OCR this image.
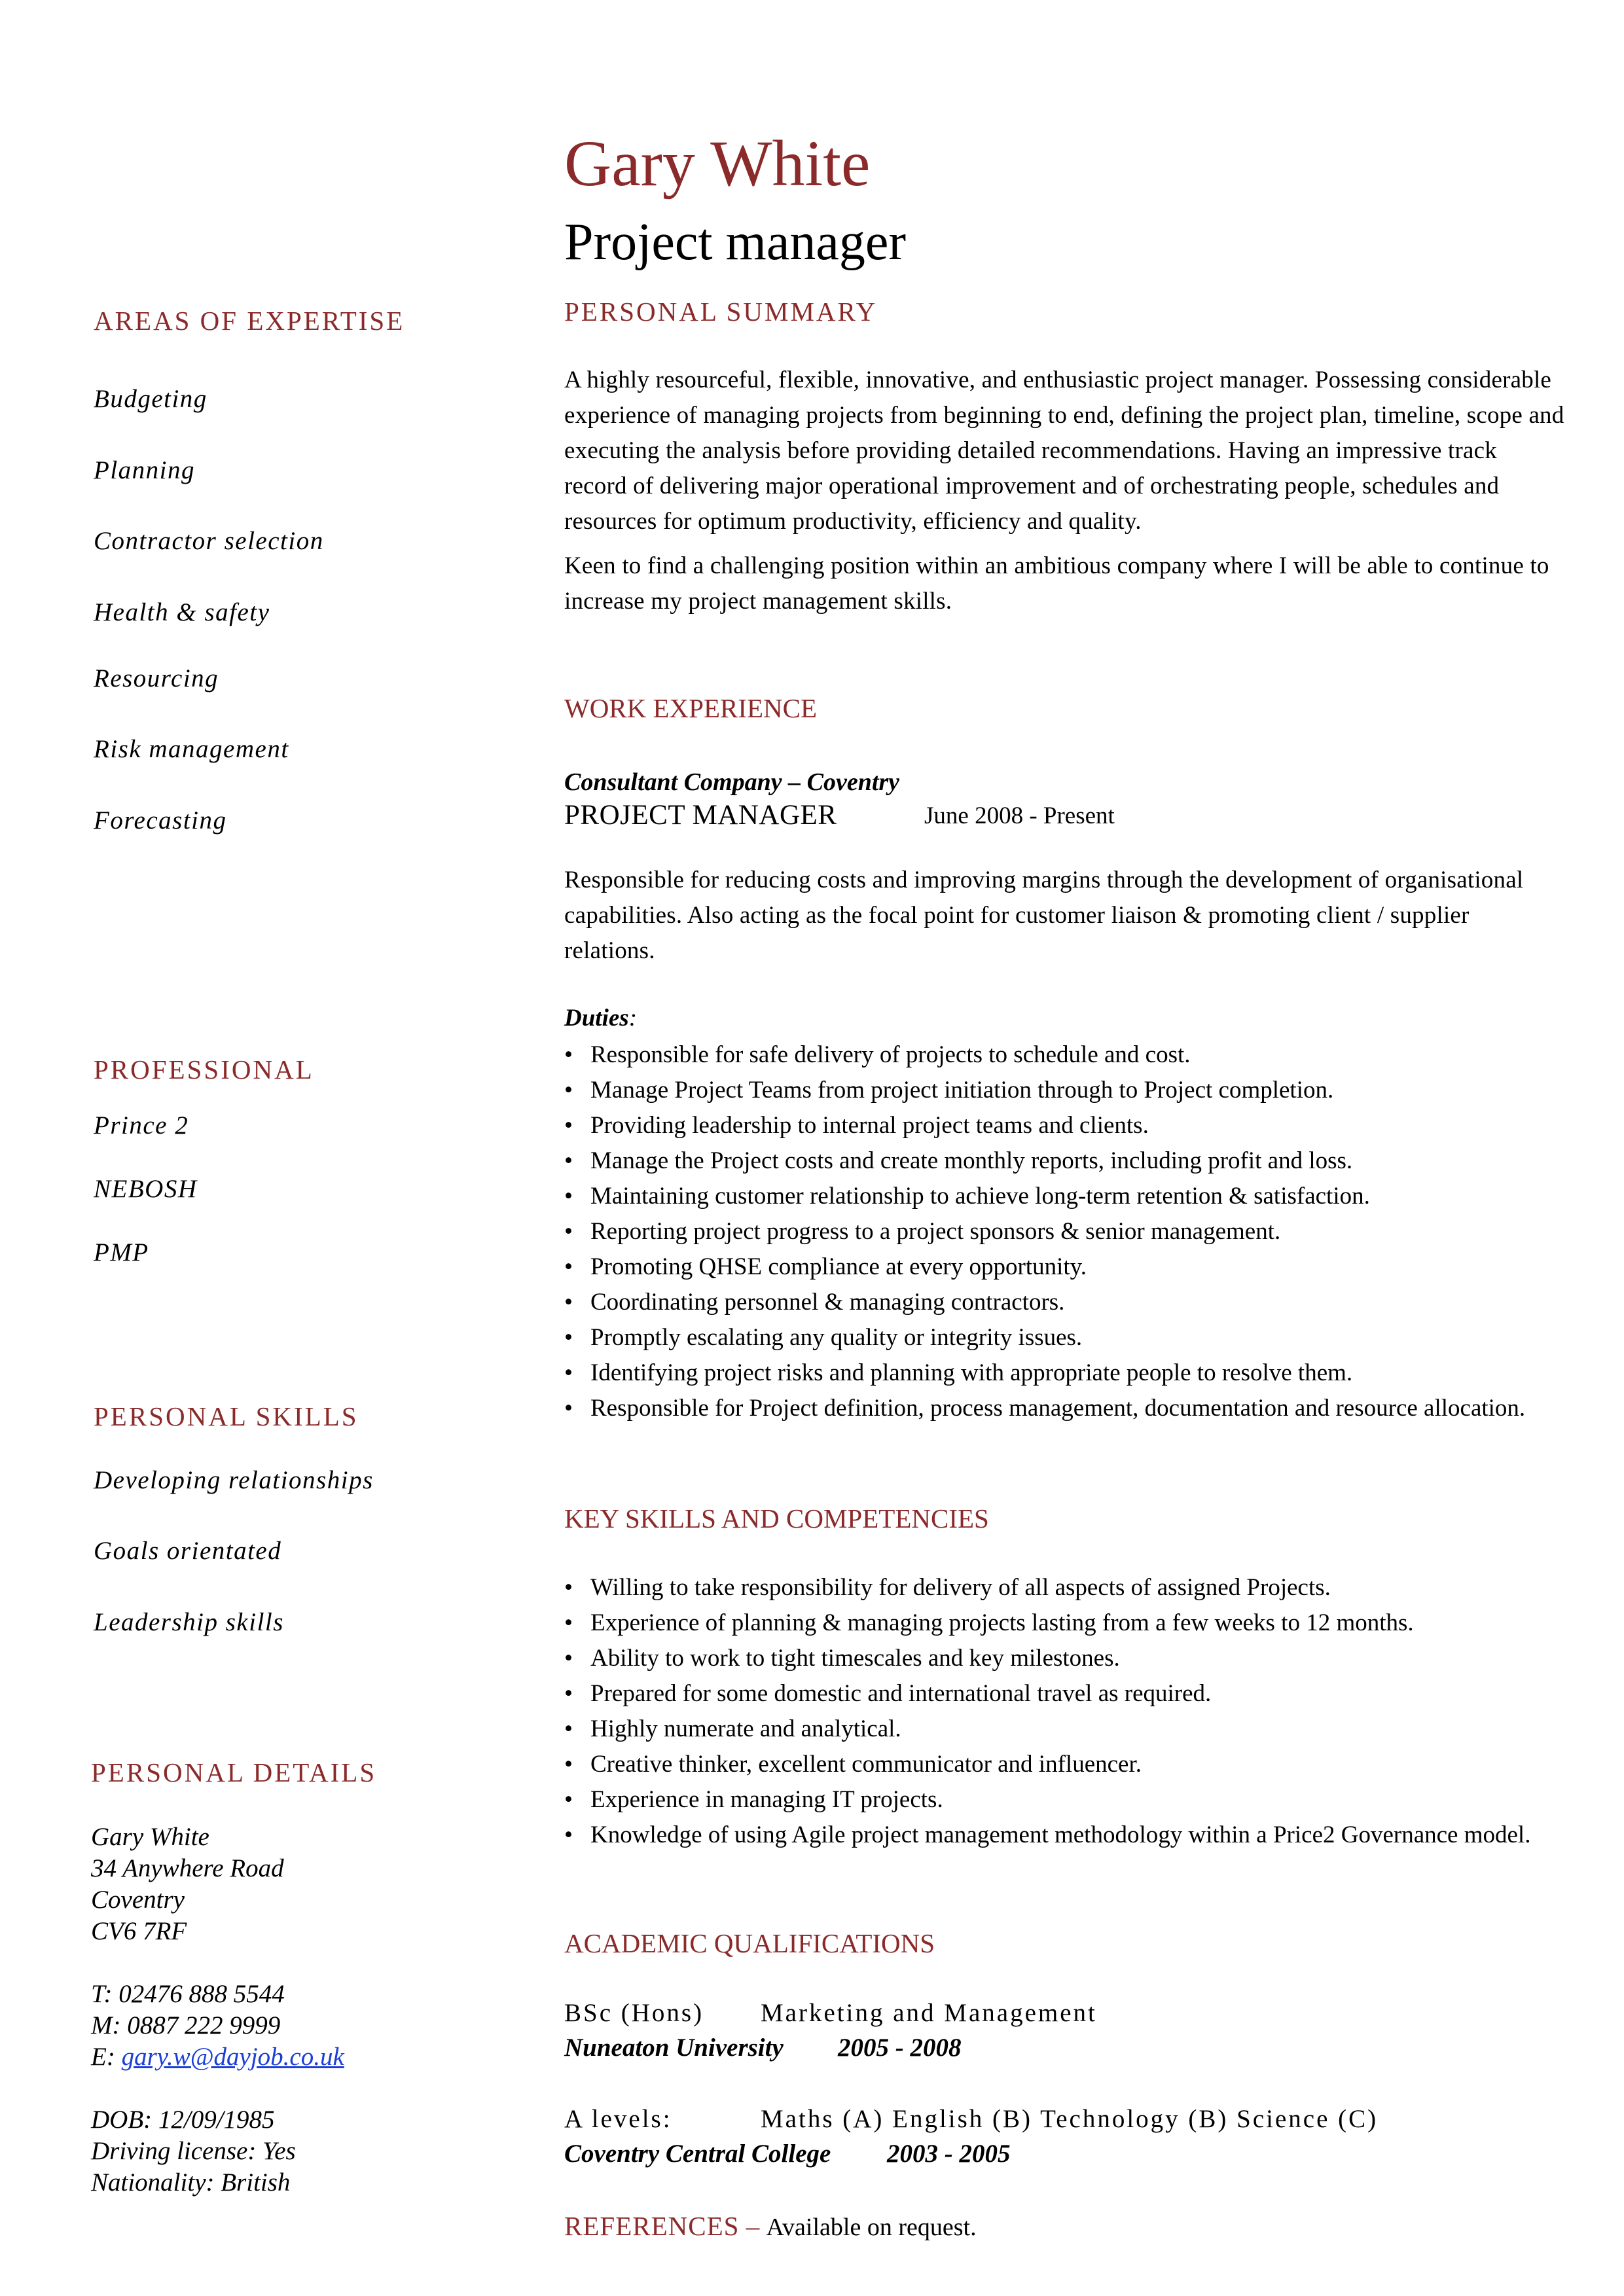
Gary White
Project manager
AREAS OF EXPERTISE
Budgeting
Planning
Contractor selection
Health & safety
Resourcing
Risk management
Forecasting
PROFESSIONAL
Prince 2
NEBOSH
PMP
PERSONAL SKILLS
Developing relationships
Goals orientated
Leadership skills
PERSONAL DETAILS
Gary White
34 Anywhere Road
Coventry
CV6 7RF
T: 02476 888 5544
M: 0887 222 9999
E: gary.w@dayjob.co.uk
DOB: 12/09/1985
Driving license: Yes
Nationality: British
PERSONAL SUMMARY

A highly resourceful, flexible, innovative, and enthusiastic project manager. Possessing considerable experience of managing projects from beginning to end, defining the project plan, timeline, scope and executing the analysis before providing detailed recommendations. Having an impressive track record of delivering major operational improvement and of orchestrating people, schedules and resources for optimum productivity, efficiency and quality.

Keen to find a challenging position within an ambitious company where I will be able to continue to increase my project management skills.

WORK EXPERIENCE
Consultant Company – Coventry
PROJECT MANAGER	June 2008 - Present
Responsible for reducing costs and improving margins through the development of organisational capabilities. Also acting as the focal point for customer liaison & promoting client / supplier relations.
Duties:
• Responsible for safe delivery of projects to schedule and cost.
• Manage Project Teams from project initiation through to Project completion.
• Providing leadership to internal project teams and clients.
• Manage the Project costs and create monthly reports, including profit and loss.
• Maintaining customer relationship to achieve long-term retention & satisfaction.
• Reporting project progress to a project sponsors & senior management.
• Promoting QHSE compliance at every opportunity.
• Coordinating personnel & managing contractors.
• Promptly escalating any quality or integrity issues.
• Identifying project risks and planning with appropriate people to resolve them.
• Responsible for Project definition, process management, documentation and resource allocation.
KEY SKILLS AND COMPETENCIES
• Willing to take responsibility for delivery of all aspects of assigned Projects.
• Experience of planning & managing projects lasting from a few weeks to 12 months.
• Ability to work to tight timescales and key milestones.
• Prepared for some domestic and international travel as required.
• Highly numerate and analytical.
• Creative thinker, excellent communicator and influencer.
• Experience in managing IT projects.
• Knowledge of using Agile project management methodology within a Price2 Governance model.
ACADEMIC QUALIFICATIONS
BSc (Hons) Marketing and Management
Nuneaton University 2005 - 2008
A levels:	Maths (A) English (B) Technology (B) Science (C)
Coventry Central College 2003 - 2005
REFERENCES – Available on request.
